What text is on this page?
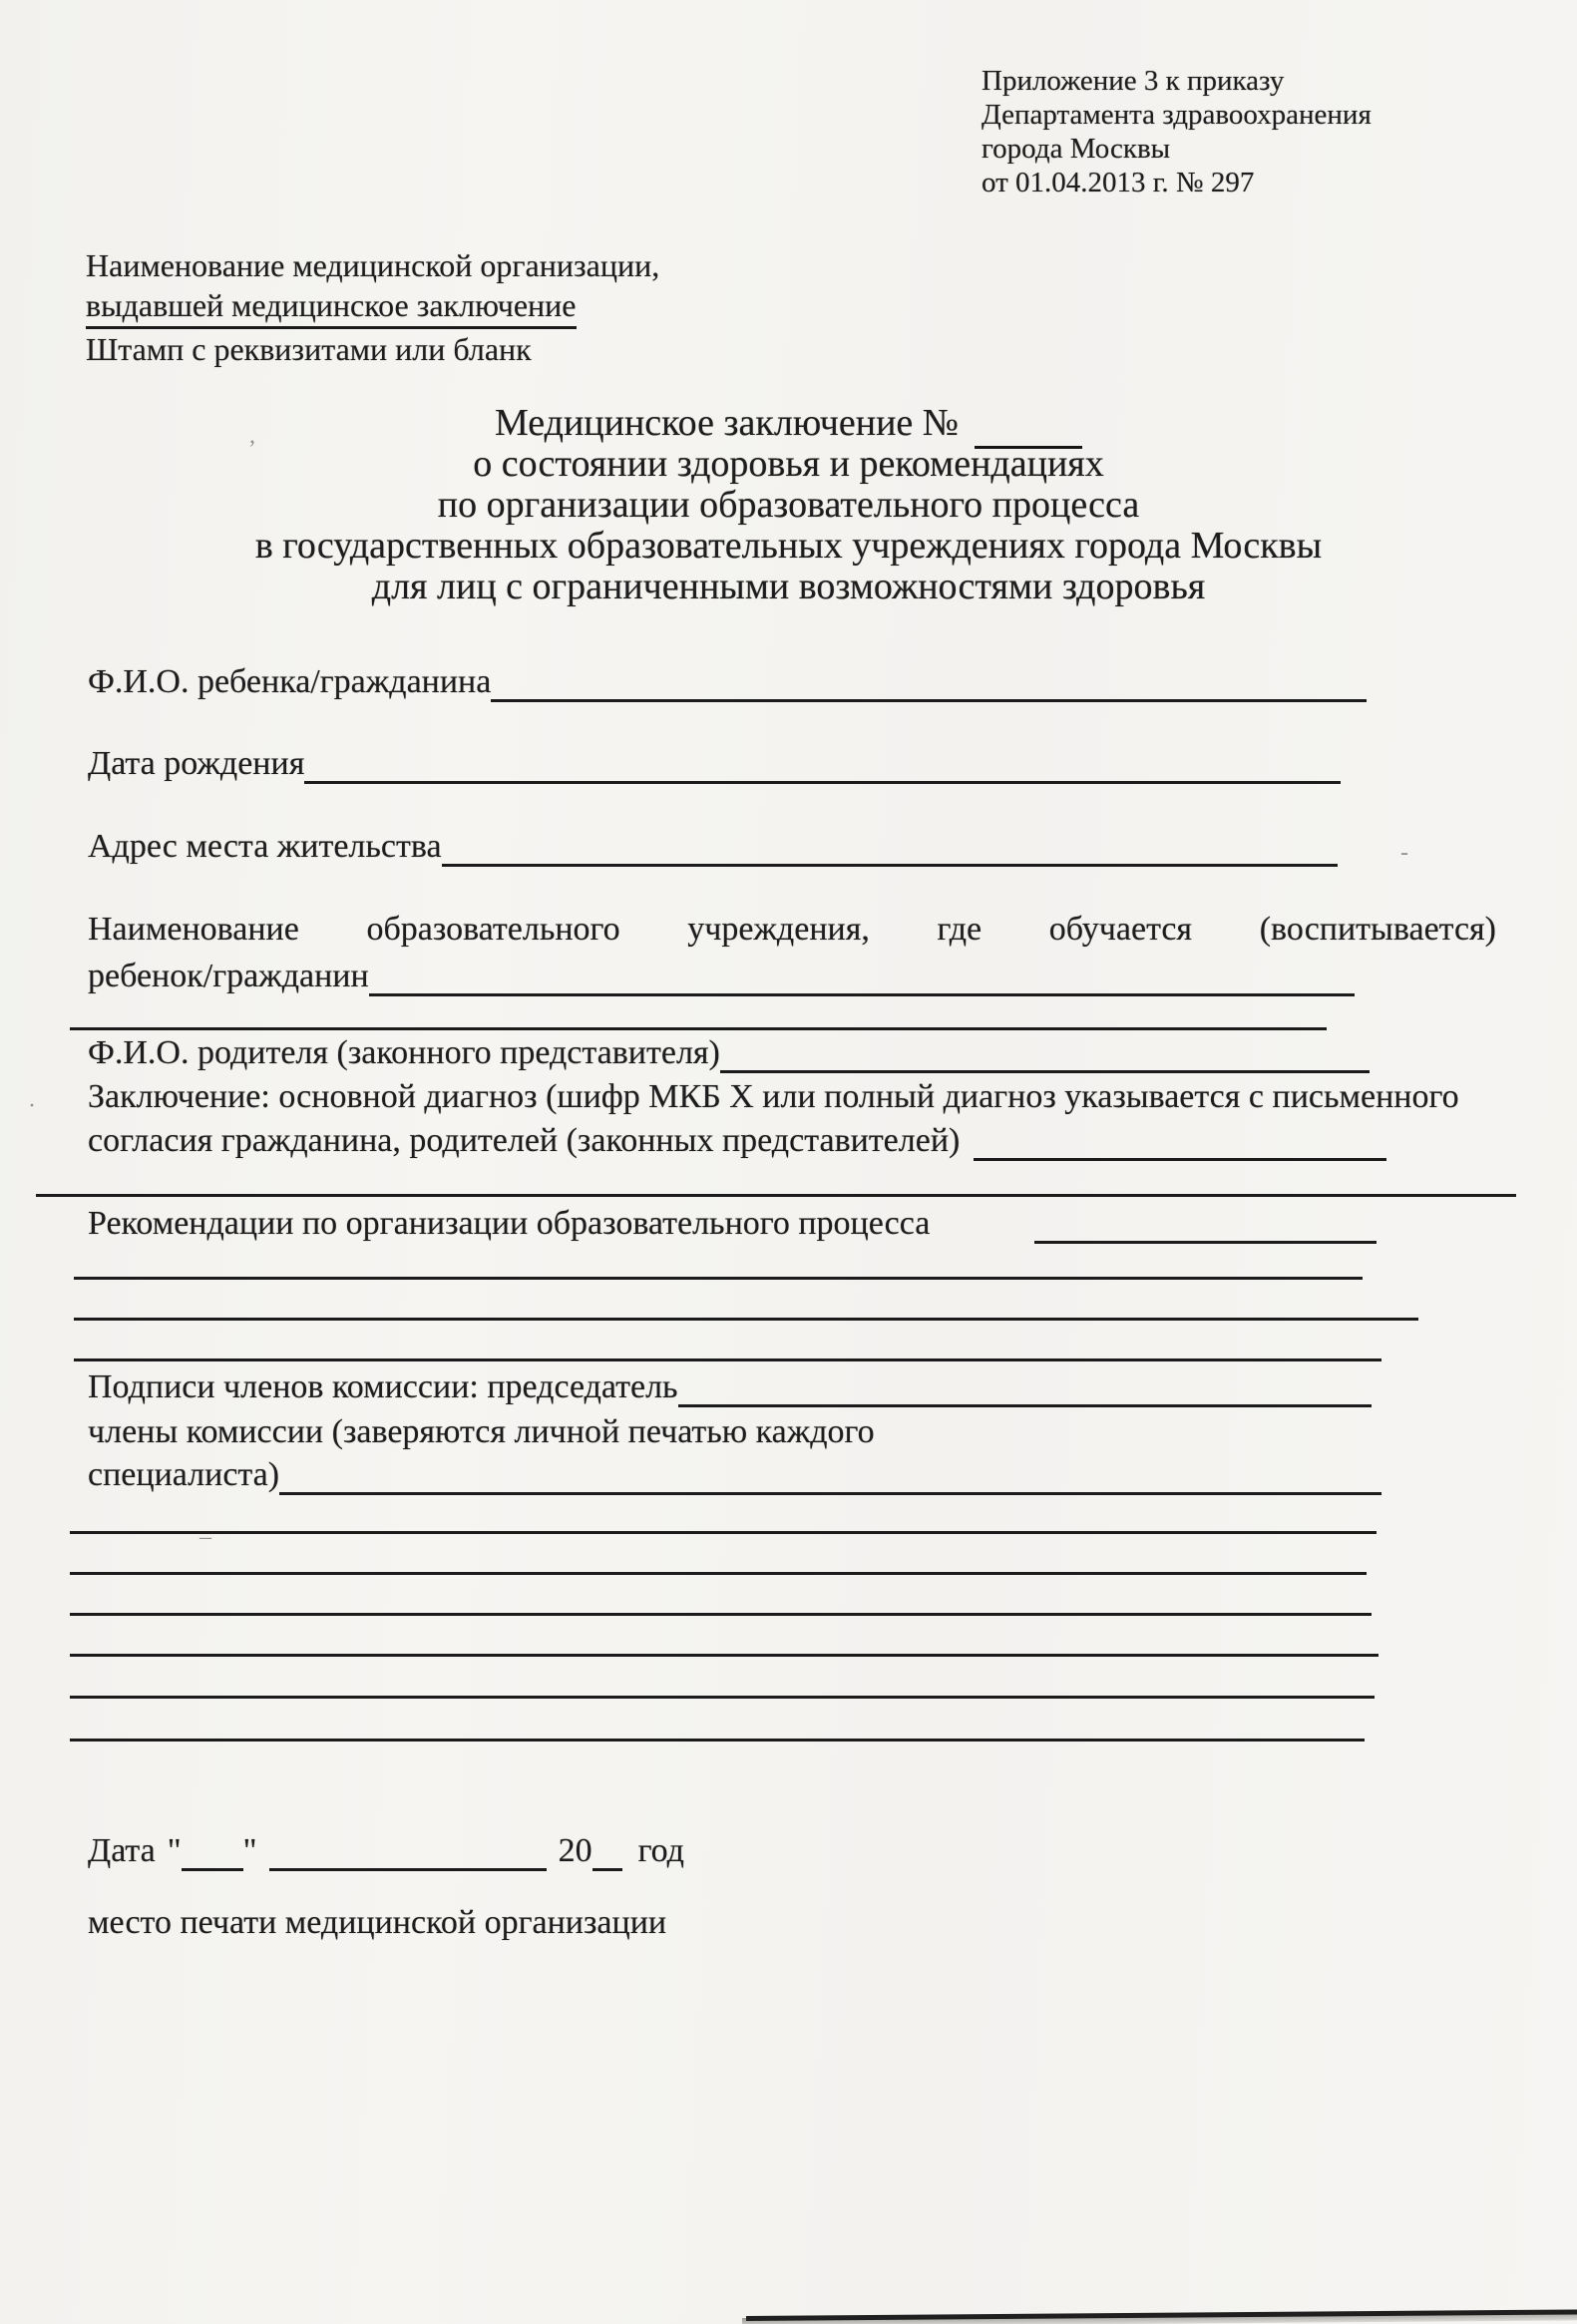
Приложение 3 к приказу
Департамента здравоохранения
города Москвы
от 01.04.2013 г. № 297
Наименование медицинской организации,
выдавшей медицинское заключение
Штамп с реквизитами или бланк
Медицинское заключение №
о состоянии здоровья и рекомендациях
по организации образовательного процесса
в государственных образовательных учреждениях города Москвы
для лиц с ограниченными возможностями здоровья
Ф.И.О. ребенка/гражданина
Дата рождения
Адрес места жительства
Наименование образовательного учреждения, где обучается (воспитывается)
ребенок/гражданин
Ф.И.О. родителя (законного представителя)
Заключение: основной диагноз (шифр МКБ X или полный диагноз указывается с письменного
согласия гражданина, родителей (законных представителей)
Рекомендации по организации образовательного процесса
Подписи членов комиссии: председатель
члены комиссии (заверяются личной печатью каждого
специалиста)
Дата " "	20 год
место печати медицинской организации
,
-
·
–
